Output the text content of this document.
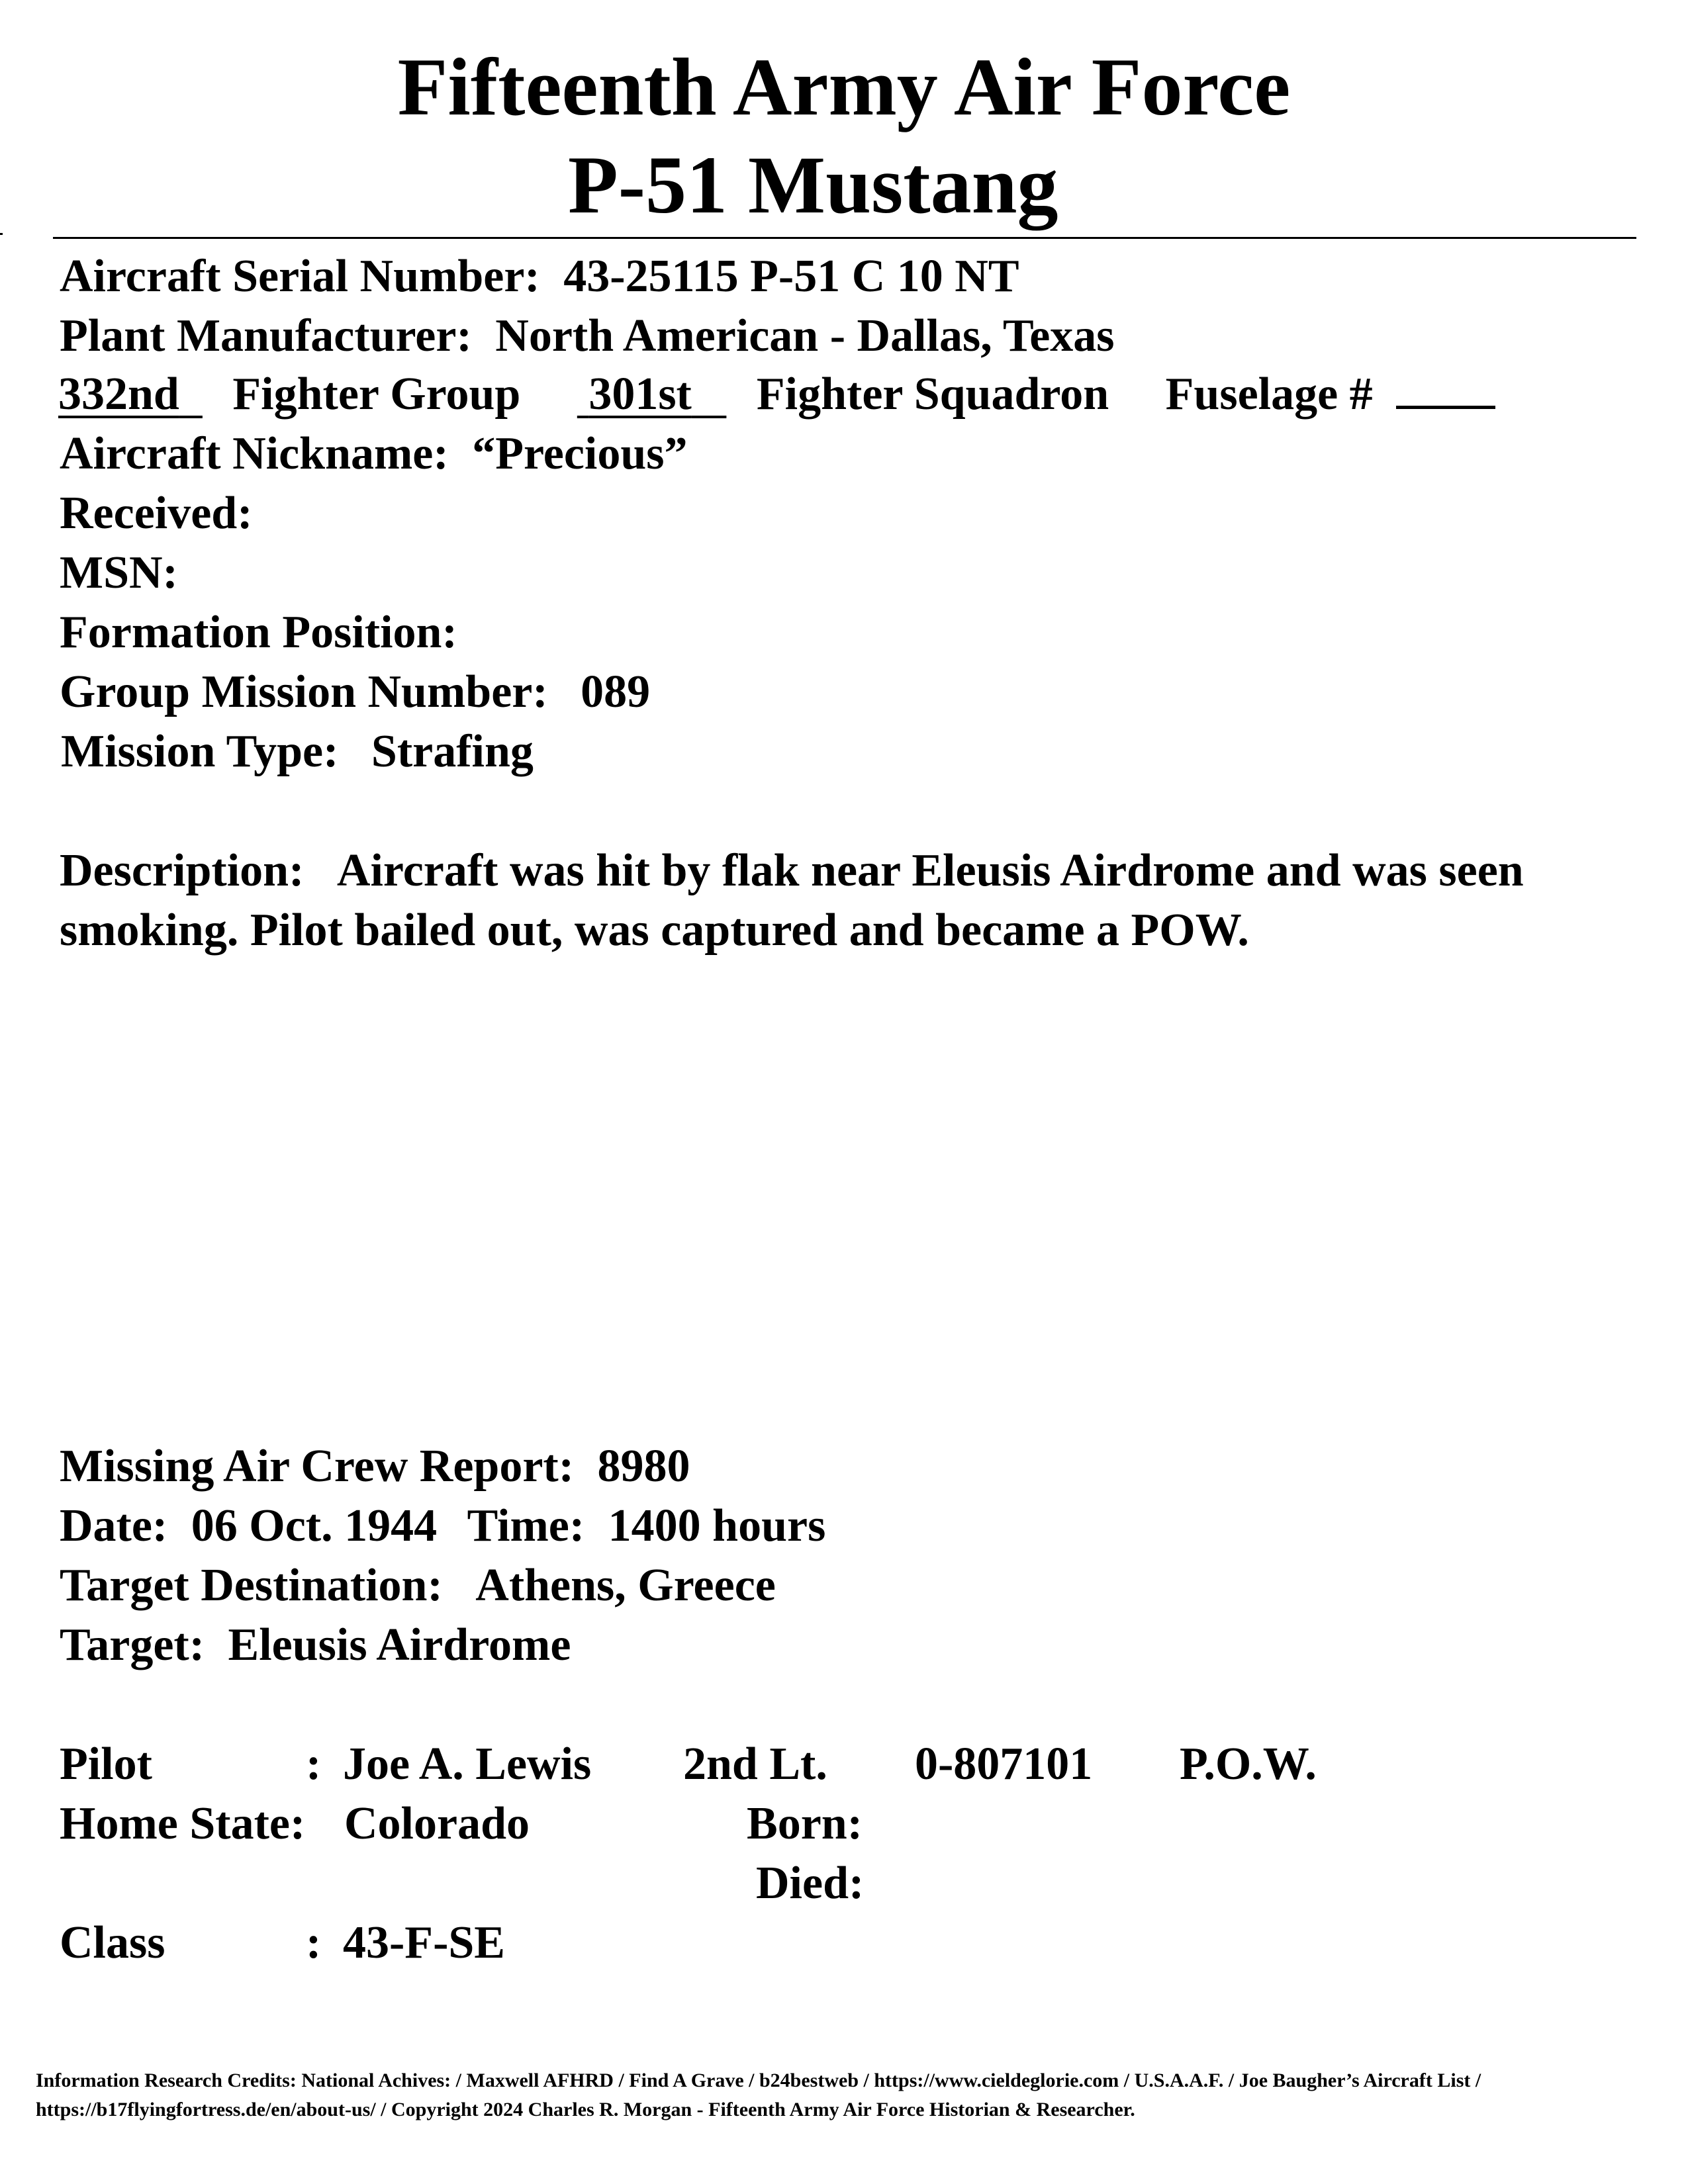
Fifteenth Army Air Force
P-51 Mustang
Aircraft Serial Number: 43-25115 P-51 C 10 NT
Plant Manufacturer: North American - Dallas, Texas
332nd Fighter Group 301st Fighter Squadron Fuselage #
Aircraft Nickname: “Precious”
Received:
MSN:
Formation Position:
Group Mission Number: 089
Mission Type: Strafing
Description: Aircraft was hit by flak near Eleusis Airdrome and was seen
smoking. Pilot bailed out, was captured and became a POW.
Missing Air Crew Report: 8980
Date: 06 Oct. 1944 Time: 1400 hours
Target Destination: Athens, Greece
Target: Eleusis Airdrome
Pilot	: Joe A. Lewis 2nd Lt. 0-807101 P.O.W.
Home State: Colorado	Born:
Died:
Class	: 43-F-SE
Information Research Credits: National Achives: / Maxwell AFHRD / Find A Grave / b24bestweb / https://www.cieldeglorie.com / U.S.A.A.F. / Joe Baugher’s Aircraft List /
https://b17flyingfortress.de/en/about-us/ / Copyright 2024 Charles R. Morgan - Fifteenth Army Air Force Historian & Researcher.
